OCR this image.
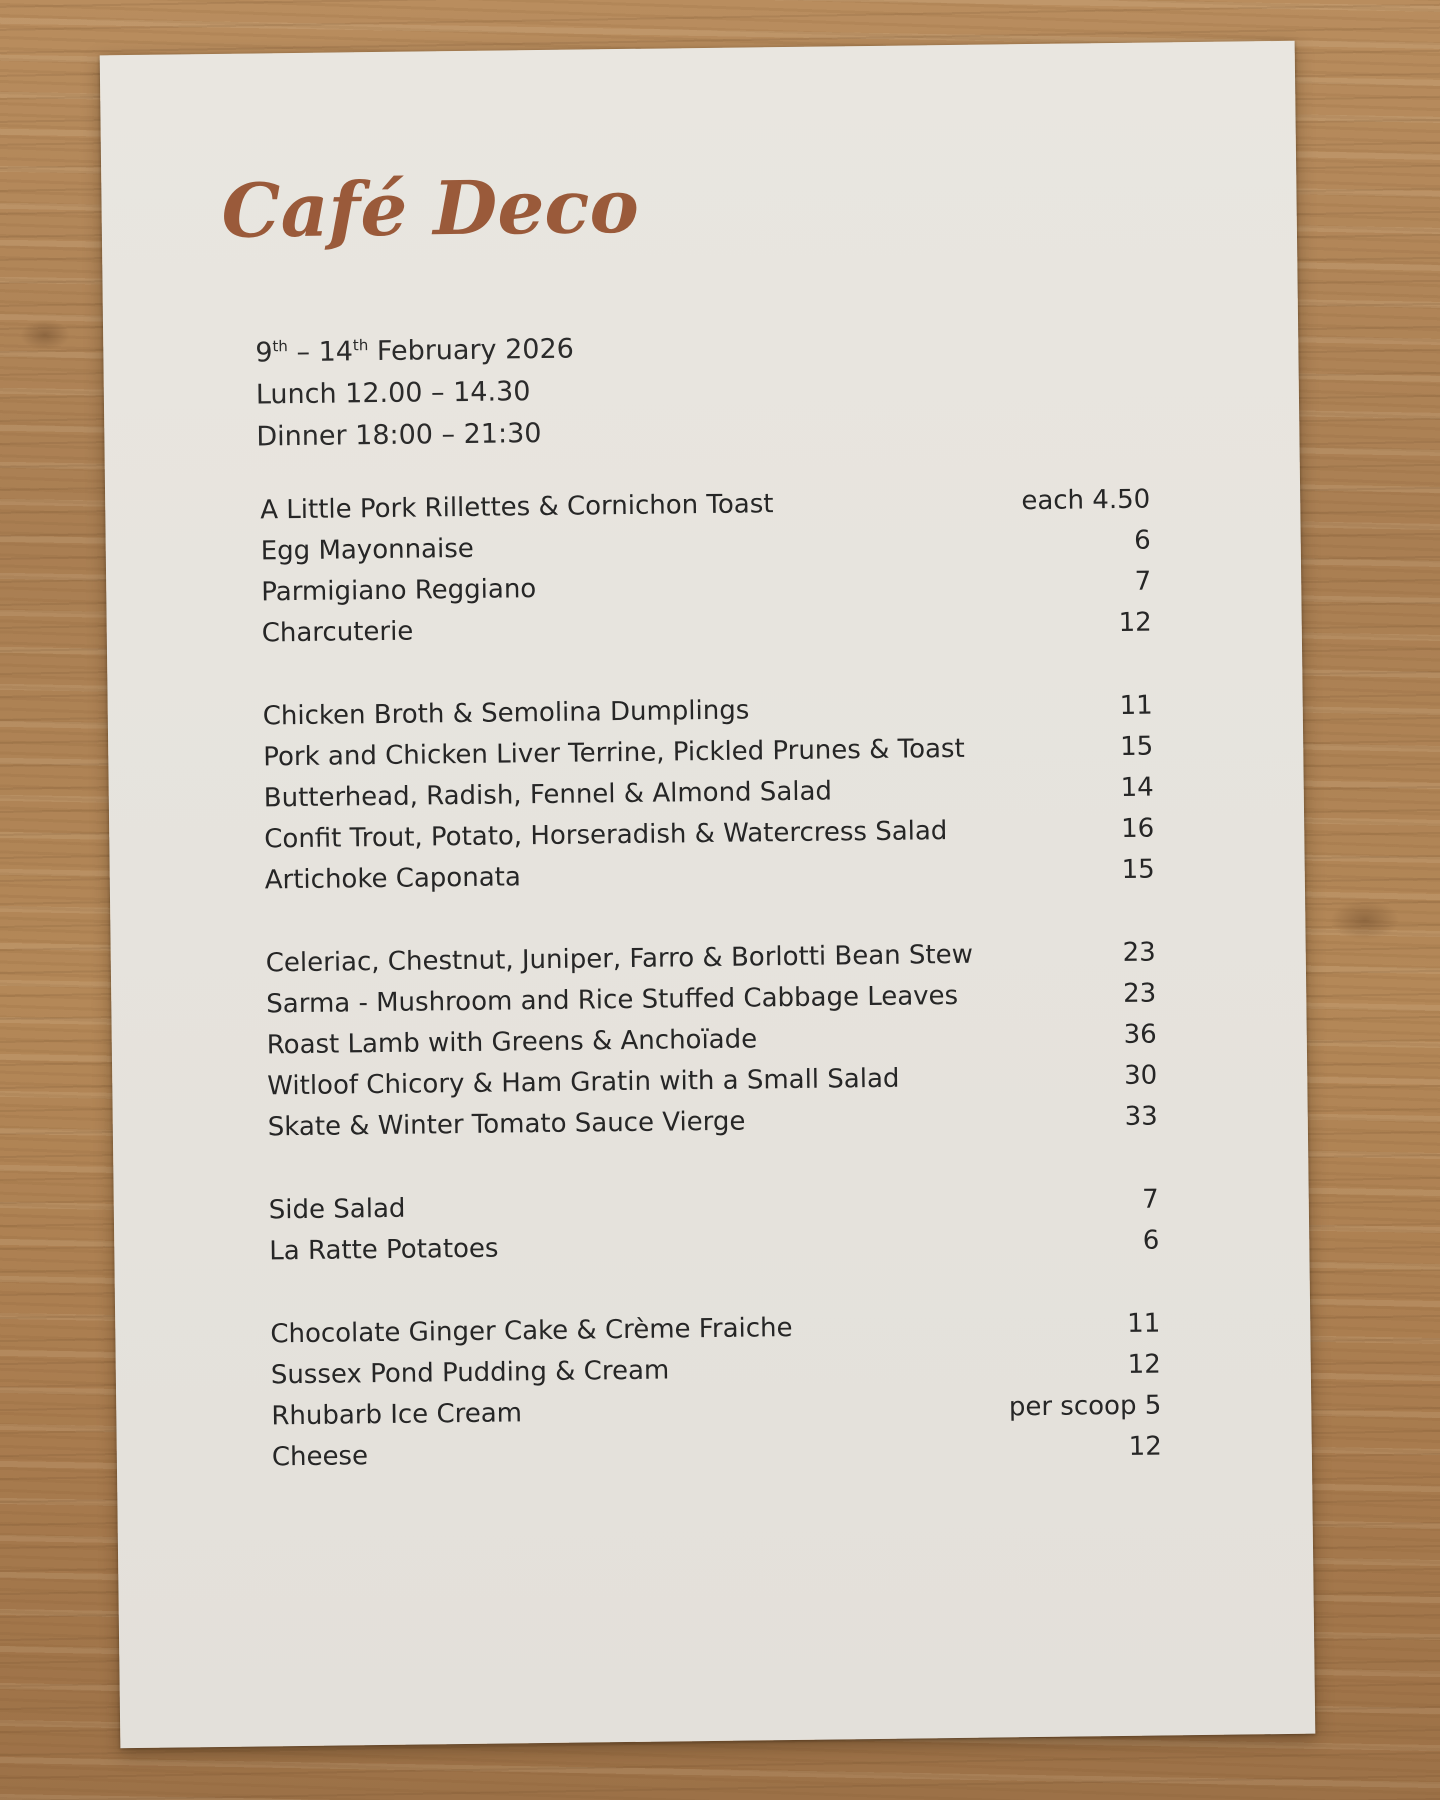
Café Deco
9th – 14th February 2026
Lunch 12.00 – 14.30
Dinner 18:00 – 21:30
A Little Pork Rillettes & Cornichon Toast	each 4.50
Egg Mayonnaise	6
Parmigiano Reggiano	7
Charcuterie	12
Chicken Broth & Semolina Dumplings	11
Pork and Chicken Liver Terrine, Pickled Prunes & Toast	15
Butterhead, Radish, Fennel & Almond Salad	14
Confit Trout, Potato, Horseradish & Watercress Salad	16
Artichoke Caponata	15
Celeriac, Chestnut, Juniper, Farro & Borlotti Bean Stew	23
Sarma - Mushroom and Rice Stuffed Cabbage Leaves	23
Roast Lamb with Greens & Anchoïade	36
Witloof Chicory & Ham Gratin with a Small Salad	30
Skate & Winter Tomato Sauce Vierge	33
Side Salad	7
La Ratte Potatoes	6
Chocolate Ginger Cake & Crème Fraiche	11
Sussex Pond Pudding & Cream	12
Rhubarb Ice Cream	per scoop 5
Cheese	12
